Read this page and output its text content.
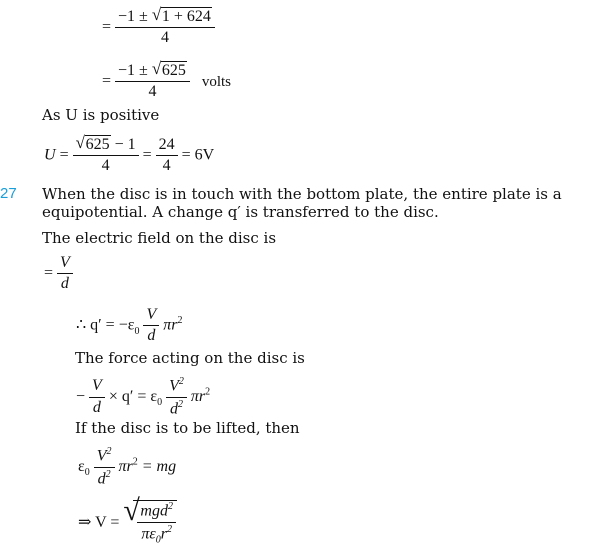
= $\frac{-1 \pm √ 1 + 624}{4}$
= $\frac{-1 \pm √ 625}{4}$ volts
As U is positive
$U = \frac{√ 625 - 1}{4} = \frac{24}{4} = 6V$
27 When the disc is in touch with the bottom plate, the entire plate is a
equipotential. A change q′ is transferred to the disc.
The electric field on the disc is
= $\frac{V}{d}$
∴ $q' = -\varepsilon_0 \frac{V}{d} \pi r^2$
The force acting on the disc is
− $\frac{V}{d} \times q' = \varepsilon_0 \frac{V^2}{d^2} \pi r^2$
If the disc is to be lifted, then
$\varepsilon_0 \frac{V^2}{d^2} \pi r^2$ = mg
⇒ V = √
$\frac{mgd^2}{\pi\varepsilon_0r^2}$
